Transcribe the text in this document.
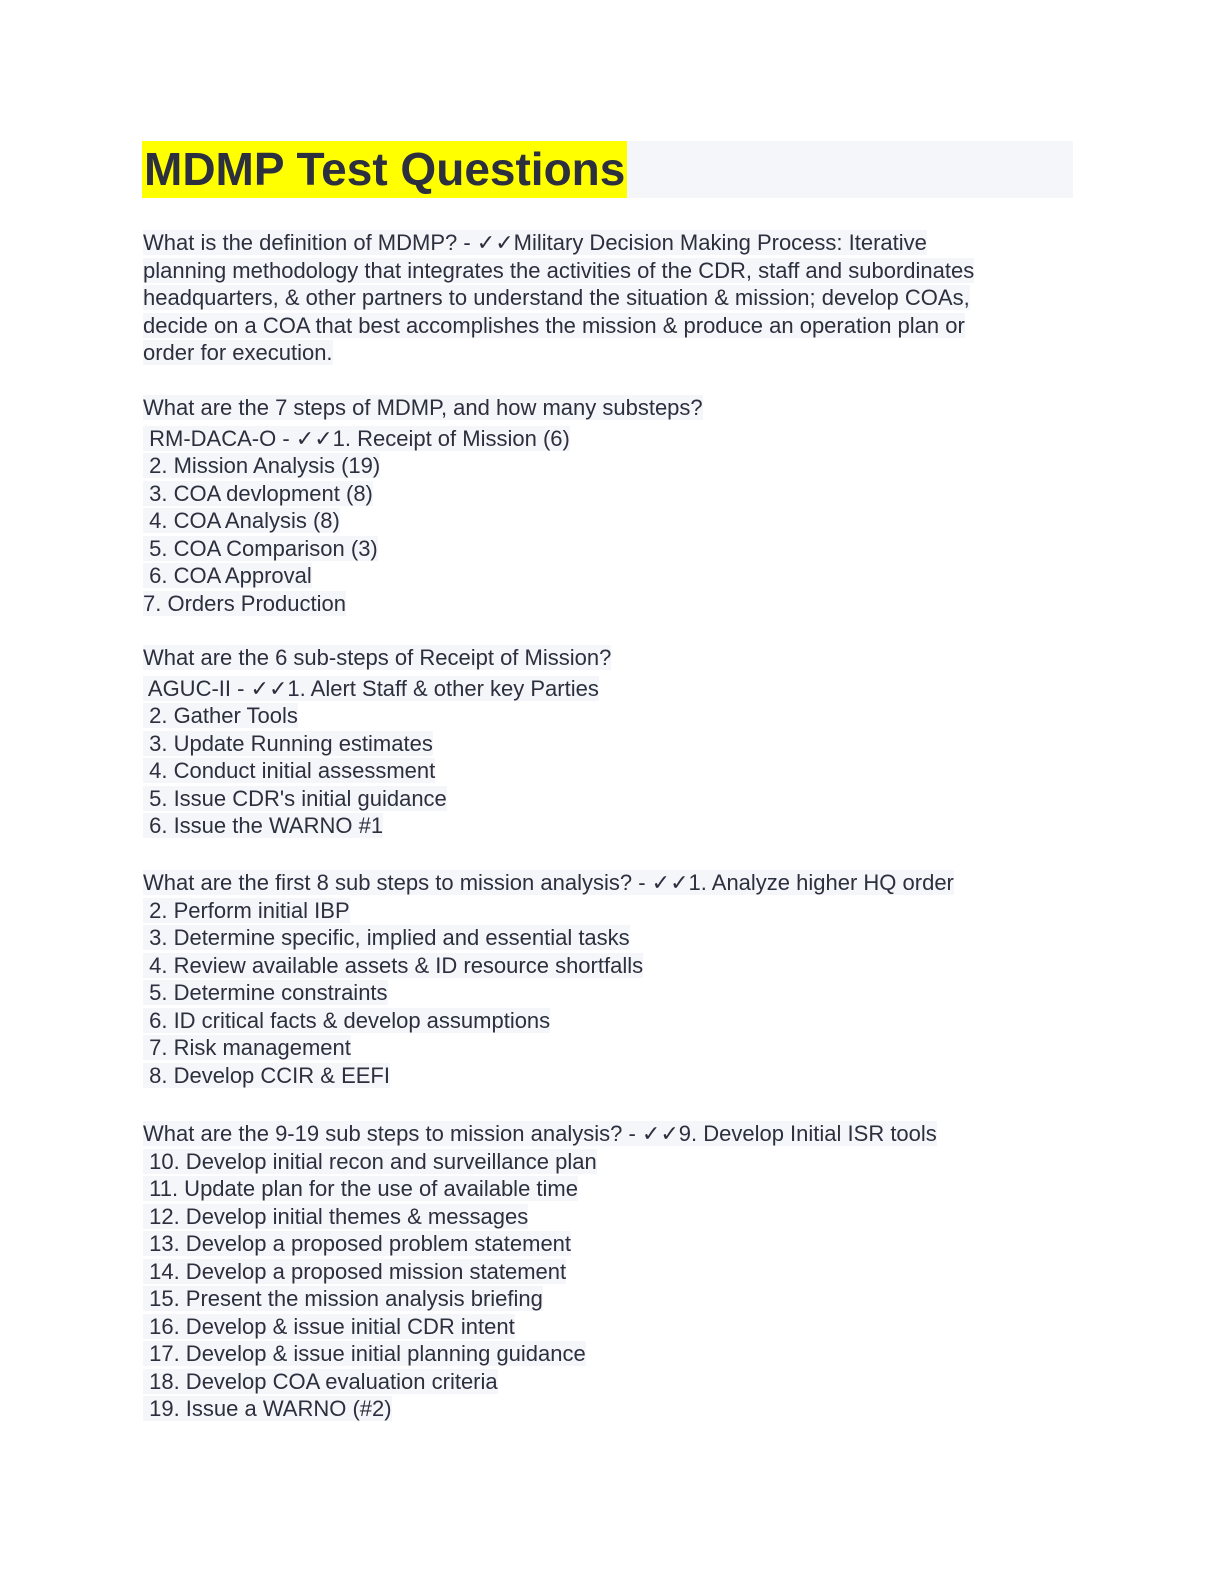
MDMP Test Questions
What is the definition of MDMP? - ✓✓Military Decision Making Process: Iterative
planning methodology that integrates the activities of the CDR, staff and subordinates
headquarters, & other partners to understand the situation & mission; develop COAs,
decide on a COA that best accomplishes the mission & produce an operation plan or
order for execution.
What are the 7 steps of MDMP, and how many substeps?
RM-DACA-O - ✓✓1. Receipt of Mission (6)
2. Mission Analysis (19)
3. COA devlopment (8)
4. COA Analysis (8)
5. COA Comparison (3)
6. COA Approval
7. Orders Production
What are the 6 sub-steps of Receipt of Mission?
AGUC-II - ✓✓1. Alert Staff & other key Parties
2. Gather Tools
3. Update Running estimates
4. Conduct initial assessment
5. Issue CDR's initial guidance
6. Issue the WARNO #1
What are the first 8 sub steps to mission analysis? - ✓✓1. Analyze higher HQ order
2. Perform initial IBP
3. Determine specific, implied and essential tasks
4. Review available assets & ID resource shortfalls
5. Determine constraints
6. ID critical facts & develop assumptions
7. Risk management
8. Develop CCIR & EEFI
What are the 9-19 sub steps to mission analysis? - ✓✓9. Develop Initial ISR tools
10. Develop initial recon and surveillance plan
11. Update plan for the use of available time
12. Develop initial themes & messages
13. Develop a proposed problem statement
14. Develop a proposed mission statement
15. Present the mission analysis briefing
16. Develop & issue initial CDR intent
17. Develop & issue initial planning guidance
18. Develop COA evaluation criteria
19. Issue a WARNO (#2)
